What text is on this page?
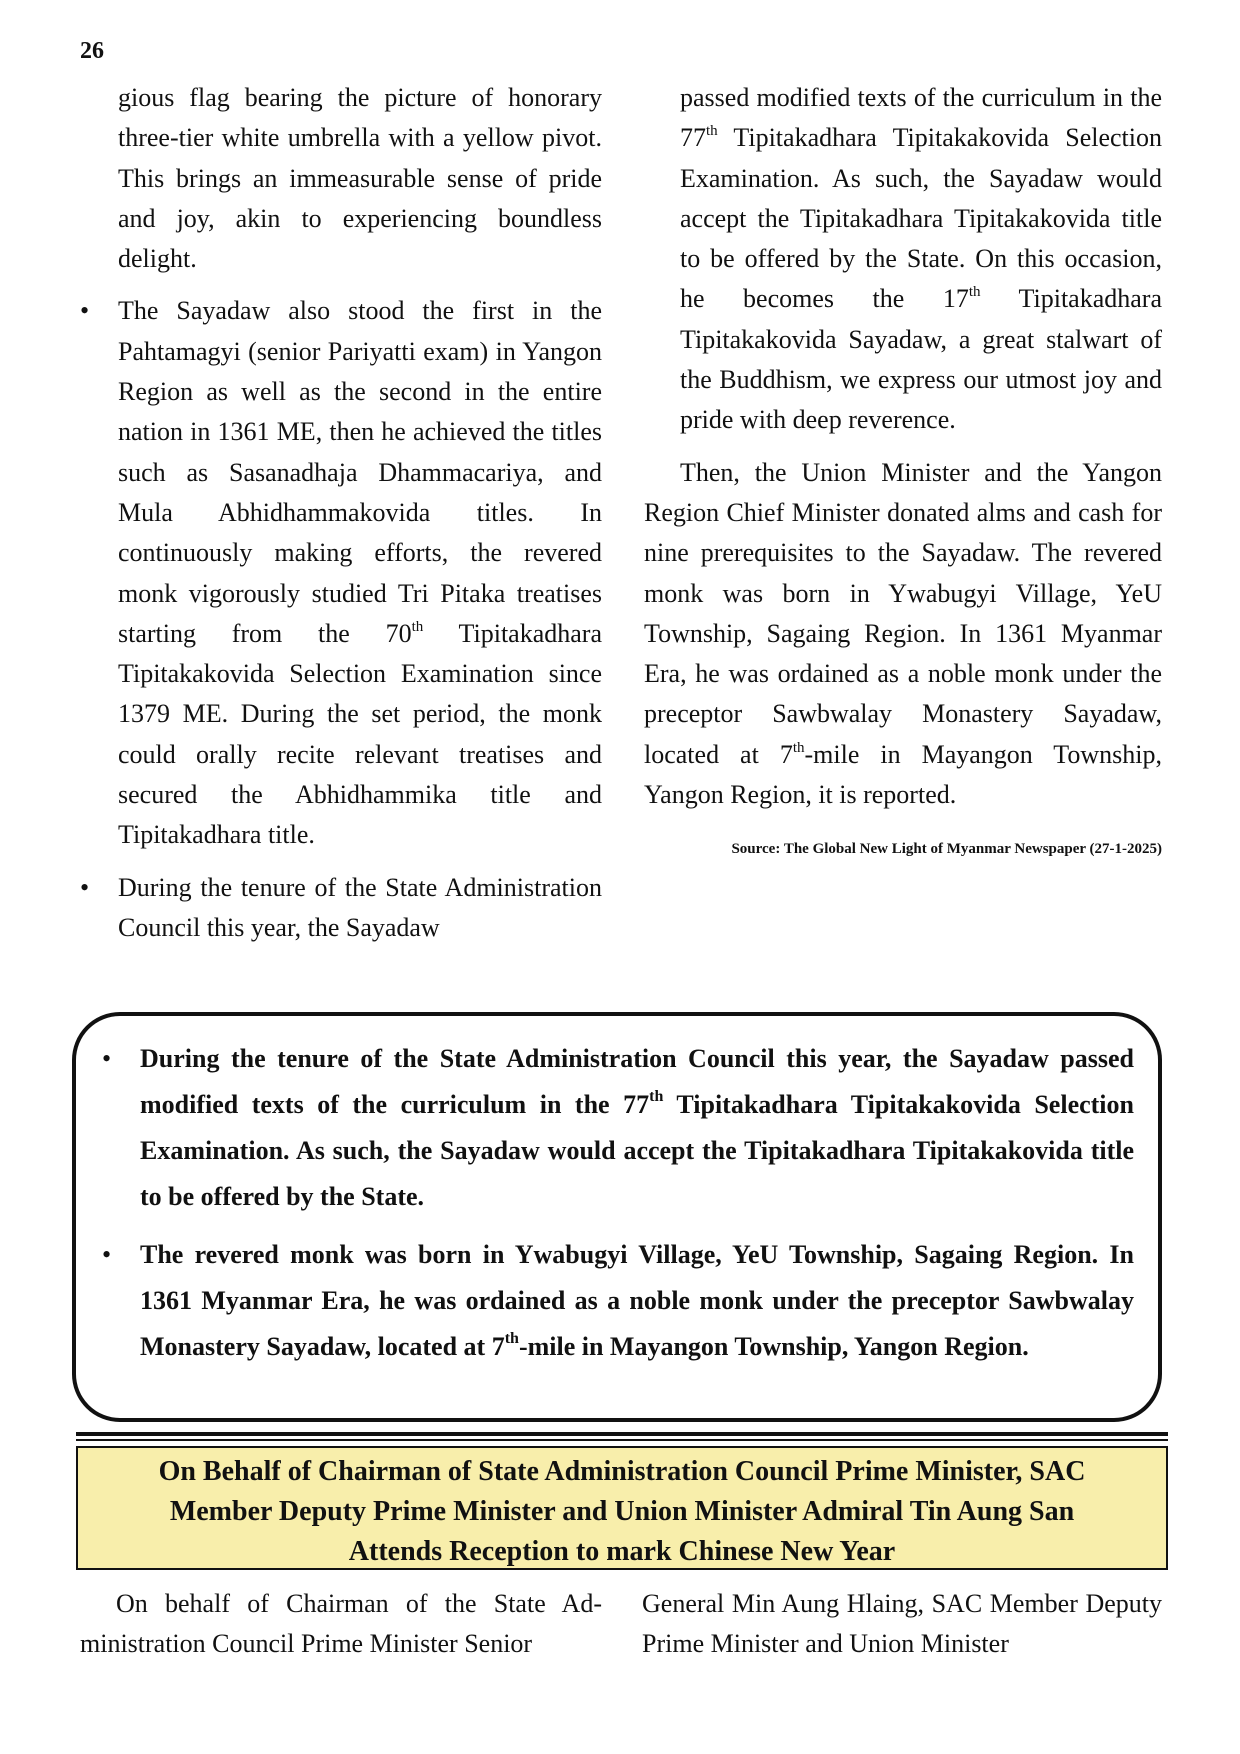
26

gious flag bearing the picture of honorary three-tier white umbrella with a yellow pivot. This brings an immeasurable sense of pride and joy, akin to experiencing boundless delight.

• The Sayadaw also stood the first in the Pahtamagyi (senior Pariyatti exam) in Yangon Region as well as the second in the entire nation in 1361 ME, then he achieved the titles such as Sasanadhaja Dhammacariya, and Mula Abhidhammakovida titles. In continuously making efforts, the revered monk vigorously studied Tri Pitaka treatises starting from the 70th Tipitakadhara Tipitakakovida Selection Examination since 1379 ME. During the set period, the monk could orally recite relevant treatises and secured the Abhidhammika title and Tipitakadhara title.

• During the tenure of the State Administration Council this year, the Sayadaw

passed modified texts of the curriculum in the 77th Tipitakadhara Tipitakakovida Selection Examination. As such, the Sayadaw would accept the Tipitakadhara Tipitakakovida title to be offered by the State. On this occasion, he becomes the 17th Tipitakadhara Tipitakakovida Sayadaw, a great stalwart of the Buddhism, we express our utmost joy and pride with deep reverence.

Then, the Union Minister and the Yangon Region Chief Minister donated alms and cash for nine prerequisites to the Sayadaw. The revered monk was born in Ywabugyi Village, YeU Township, Sagaing Region. In 1361 Myanmar Era, he was ordained as a noble monk under the preceptor Sawbwalay Monastery Sayadaw, located at 7th-mile in Mayangon Township, Yangon Region, it is reported.

Source: The Global New Light of Myanmar Newspaper (27-1-2025)

• During the tenure of the State Administration Council this year, the Sayadaw passed modified texts of the curriculum in the 77th Tipitakadhara Tipitakakovida Selection Examination. As such, the Sayadaw would accept the Tipitakadhara Tipitakakovida title to be offered by the State.

• The revered monk was born in Ywabugyi Village, YeU Township, Sagaing Region. In 1361 Myanmar Era, he was ordained as a noble monk under the preceptor Sawbwalay Monastery Sayadaw, located at 7th-mile in Mayangon Township, Yangon Region.

On Behalf of Chairman of State Administration Council Prime Minister, SAC
Member Deputy Prime Minister and Union Minister Admiral Tin Aung San
Attends Reception to mark Chinese New Year

On behalf of Chairman of the State Administration Council Prime Minister Senior

General Min Aung Hlaing, SAC Member Deputy Prime Minister and Union Minister
